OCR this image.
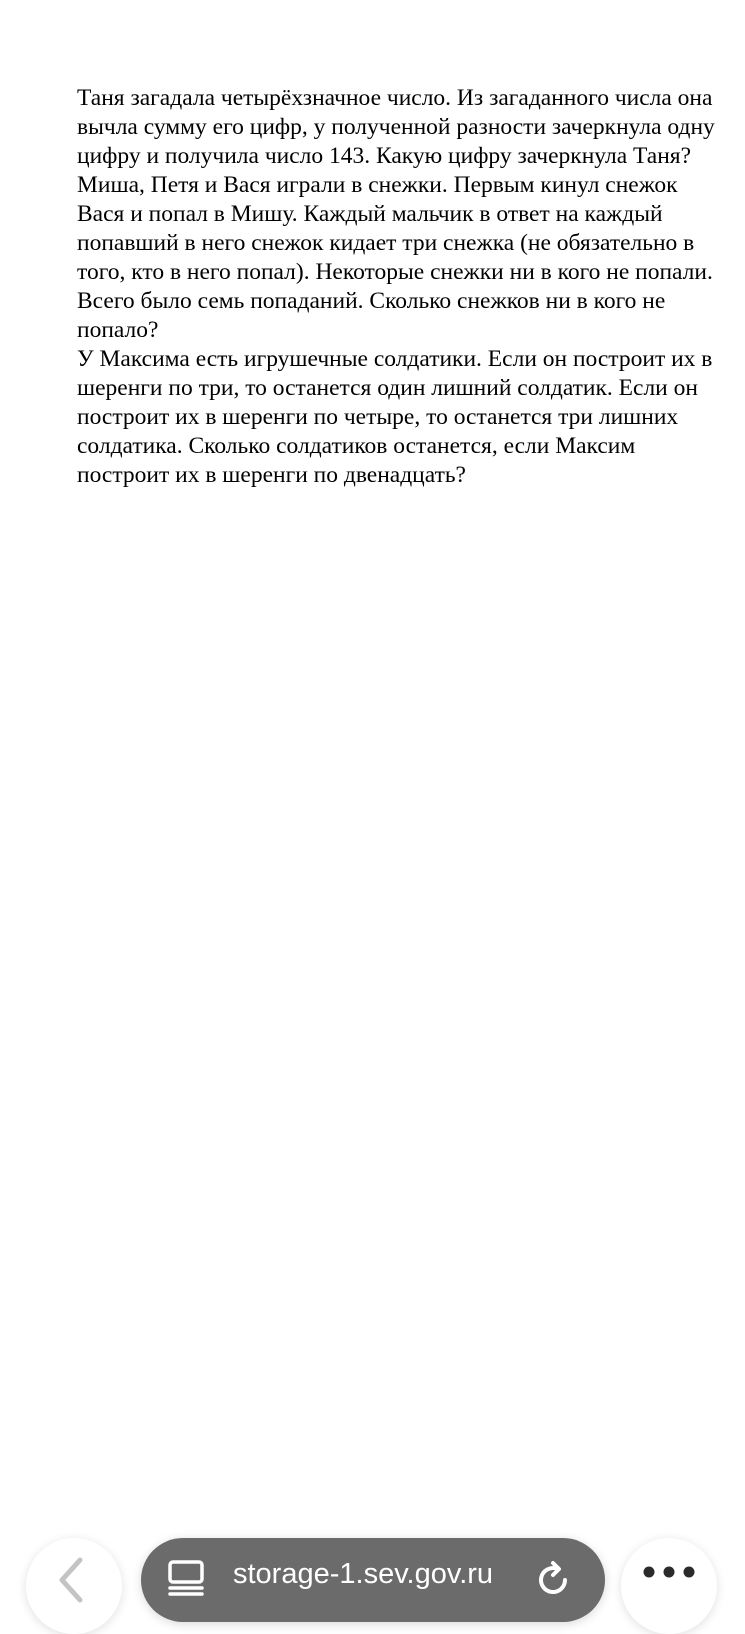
Таня загадала четырёхзначное число. Из загаданного числа она вычла сумму его цифр, у полученной разности зачеркнула одну цифру и получила число 143. Какую цифру зачеркнула Таня?

Миша, Петя и Вася играли в снежки. Первым кинул снежок Вася и попал в Мишу. Каждый мальчик в ответ на каждый попавший в него снежок кидает три снежка (не обязательно в того, кто в него попал). Некоторые снежки ни в кого не попали. Всего было семь попаданий. Сколько снежков ни в кого не попало?

У Максима есть игрушечные солдатики. Если он построит их в шеренги по три, то останется один лишний солдатик. Если он построит их в шеренги по четыре, то останется три лишних солдатика. Сколько солдатиков останется, если Максим построит их в шеренги по двенадцать?

storage-1.sev.gov.ru
